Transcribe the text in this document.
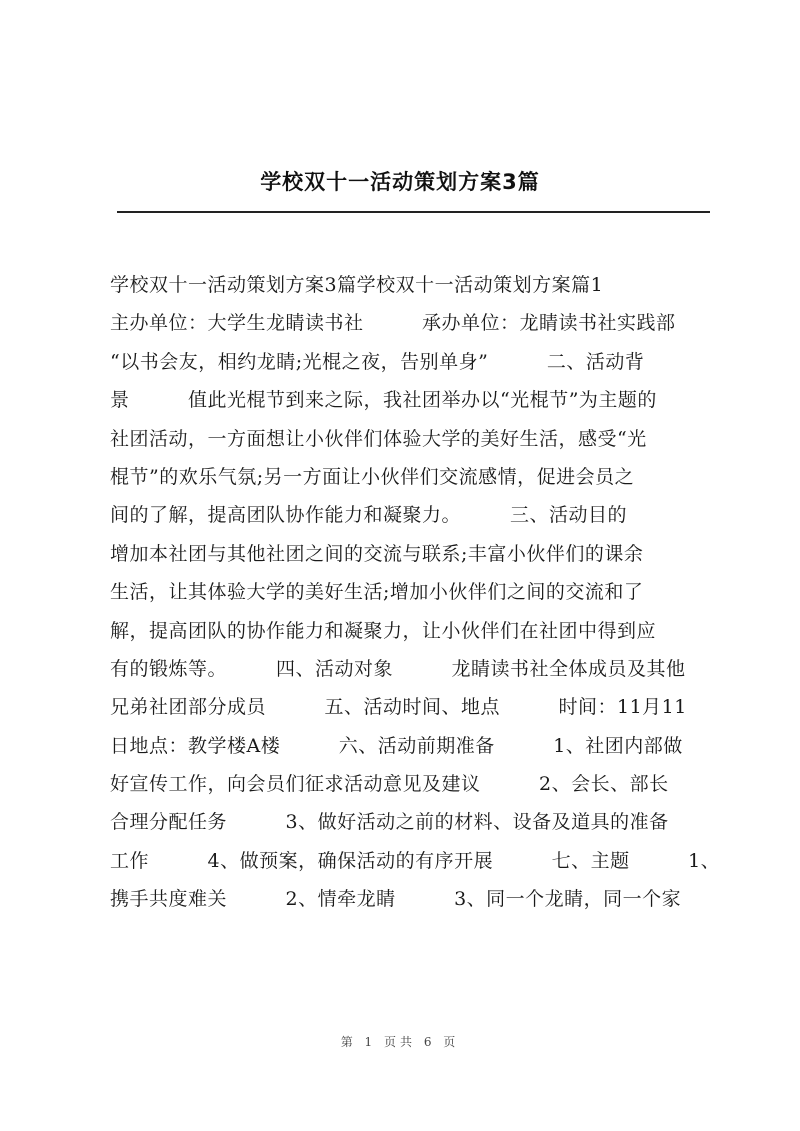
学校双十一活动策划方案3篇
学校双十一活动策划方案3篇学校双十一活动策划方案篇1
主办单位：大学生龙睛读书社　　　承办单位：龙睛读书社实践部
“以书会友，相约龙睛;光棍之夜，告别单身”　　　二、活动背
景　　　值此光棍节到来之际，我社团举办以“光棍节”为主题的
社团活动，一方面想让小伙伴们体验大学的美好生活，感受“光
棍节”的欢乐气氛;另一方面让小伙伴们交流感情，促进会员之
间的了解，提高团队协作能力和凝聚力。　　　三、活动目的
增加本社团与其他社团之间的交流与联系;丰富小伙伴们的课余
生活，让其体验大学的美好生活;增加小伙伴们之间的交流和了
解，提高团队的协作能力和凝聚力，让小伙伴们在社团中得到应
有的锻炼等。　　　四、活动对象　　　龙睛读书社全体成员及其他
兄弟社团部分成员　　　五、活动时间、地点　　　时间：11月11
日地点：教学楼A楼　　　六、活动前期准备　　　1、社团内部做
好宣传工作，向会员们征求活动意见及建议　　　2、会长、部长
合理分配任务　　　3、做好活动之前的材料、设备及道具的准备
工作　　　4、做预案，确保活动的有序开展　　　七、主题　　　1、
携手共度难关　　　2、情牵龙睛　　　3、同一个龙睛，同一个家
第 1 页共 6 页
